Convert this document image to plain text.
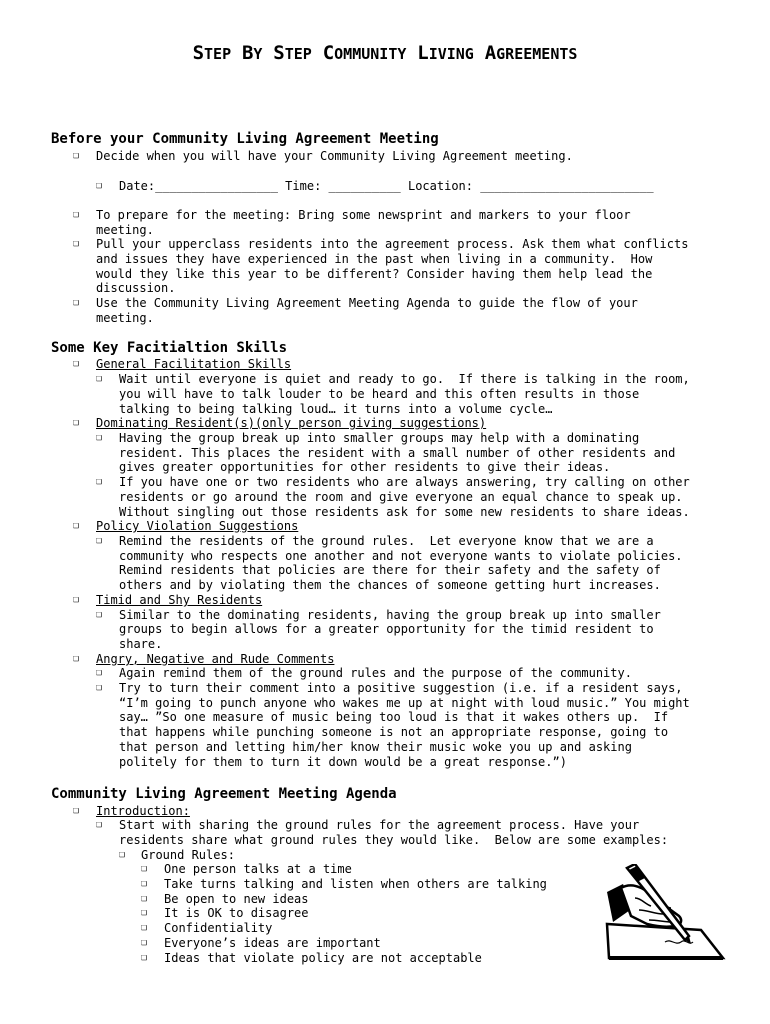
STEP BY STEP COMMUNITY LIVING AGREEMENTS
Before your Community Living Agreement Meeting
❏
Decide when you will have your Community Living Agreement meeting.
❏
Date:_________________ Time: __________ Location: ________________________
❏
To prepare for the meeting: Bring some newsprint and markers to your floor
meeting.
❏
Pull your upperclass residents into the agreement process. Ask them what conflicts
and issues they have experienced in the past when living in a community.  How
would they like this year to be different? Consider having them help lead the
discussion.
❏
Use the Community Living Agreement Meeting Agenda to guide the flow of your
meeting.
Some Key Facitialtion Skills
❏
General Facilitation Skills
❏
Wait until everyone is quiet and ready to go.  If there is talking in the room,
you will have to talk louder to be heard and this often results in those
talking to being talking loud… it turns into a volume cycle…
❏
Dominating Resident(s)(only person giving suggestions)
❏
Having the group break up into smaller groups may help with a dominating
resident. This places the resident with a small number of other residents and
gives greater opportunities for other residents to give their ideas.
❏
If you have one or two residents who are always answering, try calling on other
residents or go around the room and give everyone an equal chance to speak up.
Without singling out those residents ask for some new residents to share ideas.
❏
Policy Violation Suggestions
❏
Remind the residents of the ground rules.  Let everyone know that we are a
community who respects one another and not everyone wants to violate policies.
Remind residents that policies are there for their safety and the safety of
others and by violating them the chances of someone getting hurt increases.
❏
Timid and Shy Residents
❏
Similar to the dominating residents, having the group break up into smaller
groups to begin allows for a greater opportunity for the timid resident to
share.
❏
Angry, Negative and Rude Comments
❏
Again remind them of the ground rules and the purpose of the community.
❏
Try to turn their comment into a positive suggestion (i.e. if a resident says,
“I’m going to punch anyone who wakes me up at night with loud music.” You might
say… ”So one measure of music being too loud is that it wakes others up.  If
that happens while punching someone is not an appropriate response, going to
that person and letting him/her know their music woke you up and asking
politely for them to turn it down would be a great response.”)
Community Living Agreement Meeting Agenda
❏
Introduction:
❏
Start with sharing the ground rules for the agreement process. Have your
residents share what ground rules they would like.  Below are some examples:
❏
Ground Rules:
❏
One person talks at a time
❏
Take turns talking and listen when others are talking
❏
Be open to new ideas
❏
It is OK to disagree
❏
Confidentiality
❏
Everyone’s ideas are important
❏
Ideas that violate policy are not acceptable
